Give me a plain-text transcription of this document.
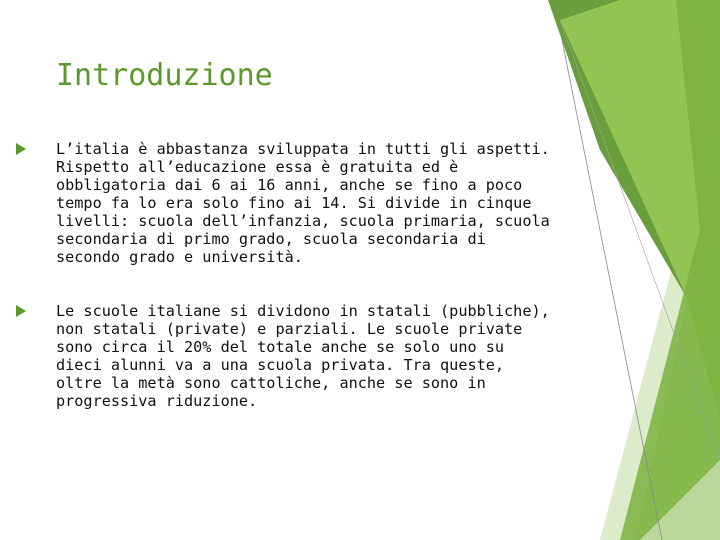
Introduzione
L’italia è abbastanza sviluppata in tutti gli aspetti.
Rispetto all’educazione essa è gratuita ed è
obbligatoria dai 6 ai 16 anni, anche se fino a poco
tempo fa lo era solo fino ai 14. Si divide in cinque
livelli: scuola dell’infanzia, scuola primaria, scuola
secondaria di primo grado, scuola secondaria di
secondo grado e università.
Le scuole italiane si dividono in statali (pubbliche),
non statali (private) e parziali. Le scuole private
sono circa il 20% del totale anche se solo uno su
dieci alunni va a una scuola privata. Tra queste,
oltre la metà sono cattoliche, anche se sono in
progressiva riduzione.
